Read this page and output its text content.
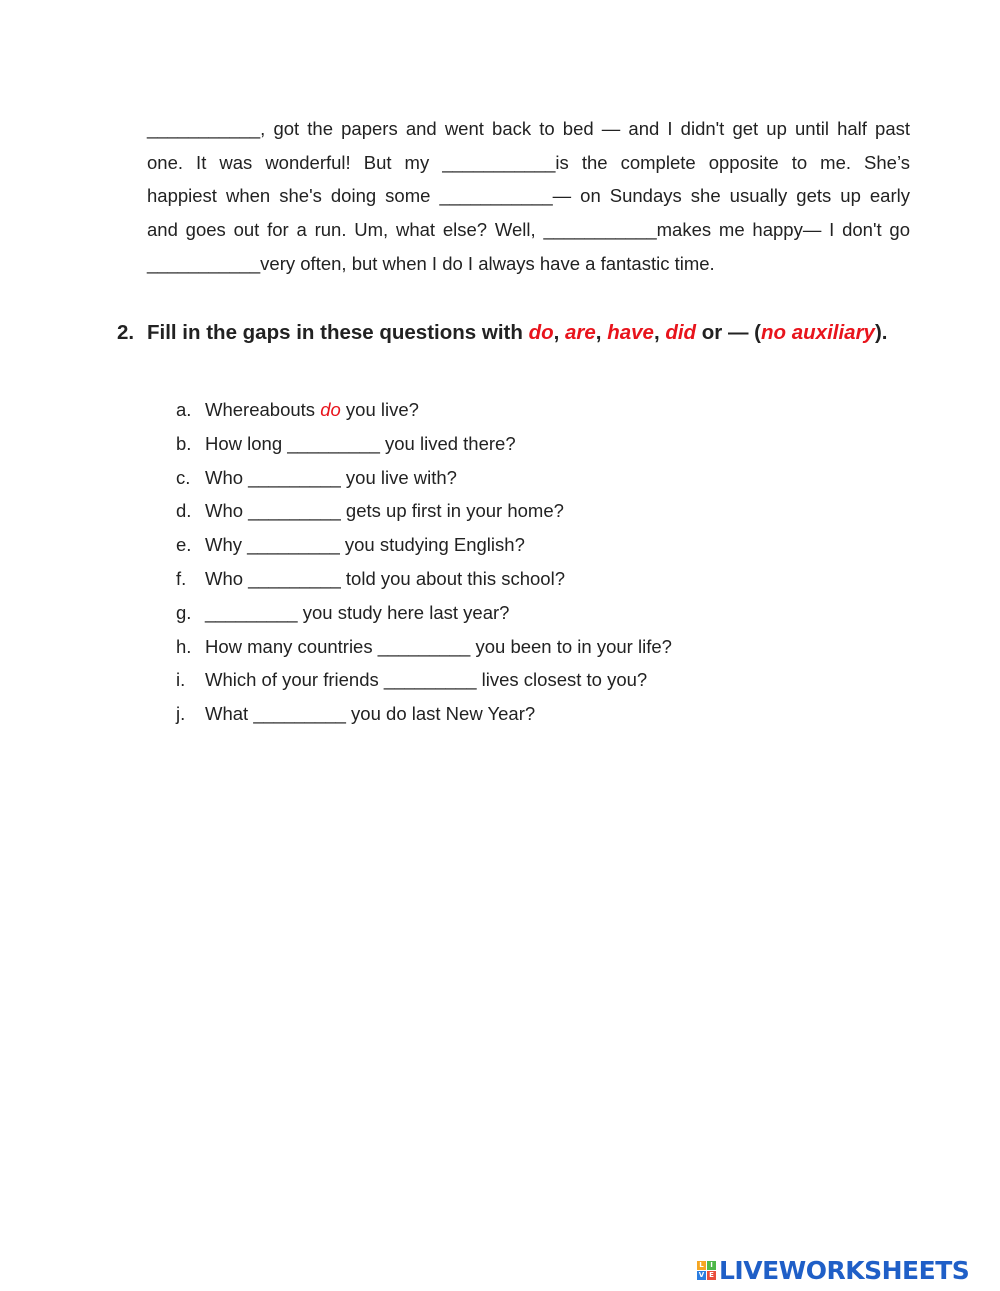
___________, got the papers and went back to bed — and I didn't get up until half past
one. It was wonderful! But my ___________is the complete opposite to me. She’s
happiest when she's doing some ___________— on Sundays she usually gets up early
and goes out for a run. Um, what else? Well, ___________makes me happy— I don't go
___________very often, but when I do I always have a fantastic time.
2. Fill in the gaps in these questions with do, are, have, did or — (no auxiliary).
a. Whereabouts do you live?
b. How long _________ you lived there?
c. Who _________ you live with?
d. Who _________ gets up first in your home?
e. Why _________ you studying English?
f. Who _________ told you about this school?
g. _________ you study here last year?
h. How many countries _________ you been to in your life?
i. Which of your friends _________ lives closest to you?
j. What _________ you do last New Year?
L I
V E LIVEWORKSHEETS
